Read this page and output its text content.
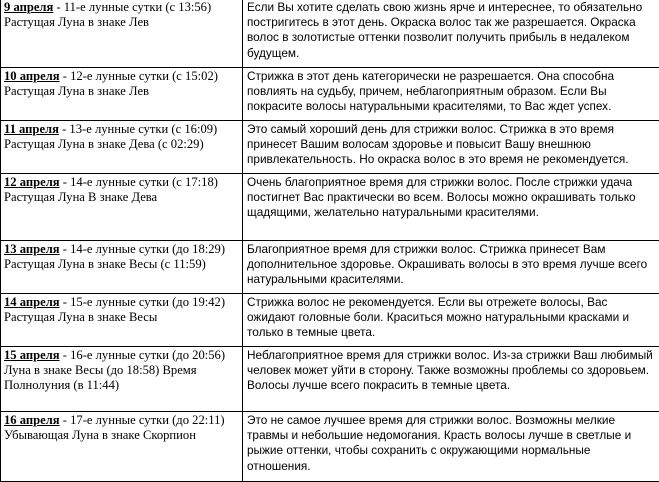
9 апреля - 11-е лунные сутки (с 13:56) Растущая Луна в знаке Лев	Если Вы хотите сделать свою жизнь ярче и интереснее, то обязательно постригитесь в этот день. Окраска волос так же разрешается. Окраска волос в золотистые оттенки позволит получить прибыль в недалеком будущем.
10 апреля - 12-е лунные сутки (с 15:02) Растущая Луна в знаке Лев	Стрижка в этот день категорически не разрешается. Она способна повлиять на судьбу, причем, неблагоприятным образом. Если Вы покрасите волосы натуральными красителями, то Вас ждет успех.
11 апреля - 13-е лунные сутки (с 16:09) Растущая Луна в знаке Дева (с 02:29)	Это самый хороший день для стрижки волос. Стрижка в это время принесет Вашим волосам здоровье и повысит Вашу внешнюю привлекательность. Но окраска волос в это время не рекомендуется.
12 апреля - 14-е лунные сутки (с 17:18) Растущая Луна В знаке Дева	Очень благоприятное время для стрижки волос. После стрижки удача постигнет Вас практически во всем. Волосы можно окрашивать только щадящими, желательно натуральными красителями.
13 апреля - 14-е лунные сутки (до 18:29) Растущая Луна в знаке Весы (с 11:59)	Благоприятное время для стрижки волос. Стрижка принесет Вам дополнительное здоровье. Окрашивать волосы в это время лучше всего натуральными красителями.
14 апреля - 15-е лунные сутки (до 19:42) Растущая Луна в знаке Весы	Стрижка волос не рекомендуется. Если вы отрежете волосы, Вас ожидают головные боли. Краситься можно натуральными красками и только в темные цвета.
15 апреля - 16-е лунные сутки (до 20:56) Луна в знаке Весы (до 18:58) Время Полнолуния (в 11:44)	Неблагоприятное время для стрижки волос. Из-за стрижки Ваш любимый человек может уйти в сторону. Также возможны проблемы со здоровьем. Волосы лучше всего покрасить в темные цвета.
16 апреля - 17-е лунные сутки (до 22:11) Убывающая Луна в знаке Скорпион	Это не самое лучшее время для стрижки волос. Возможны мелкие травмы и небольшие недомогания. Красть волосы лучше в светлые и рыжие оттенки, чтобы сохранить с окружающими нормальные отношения.
